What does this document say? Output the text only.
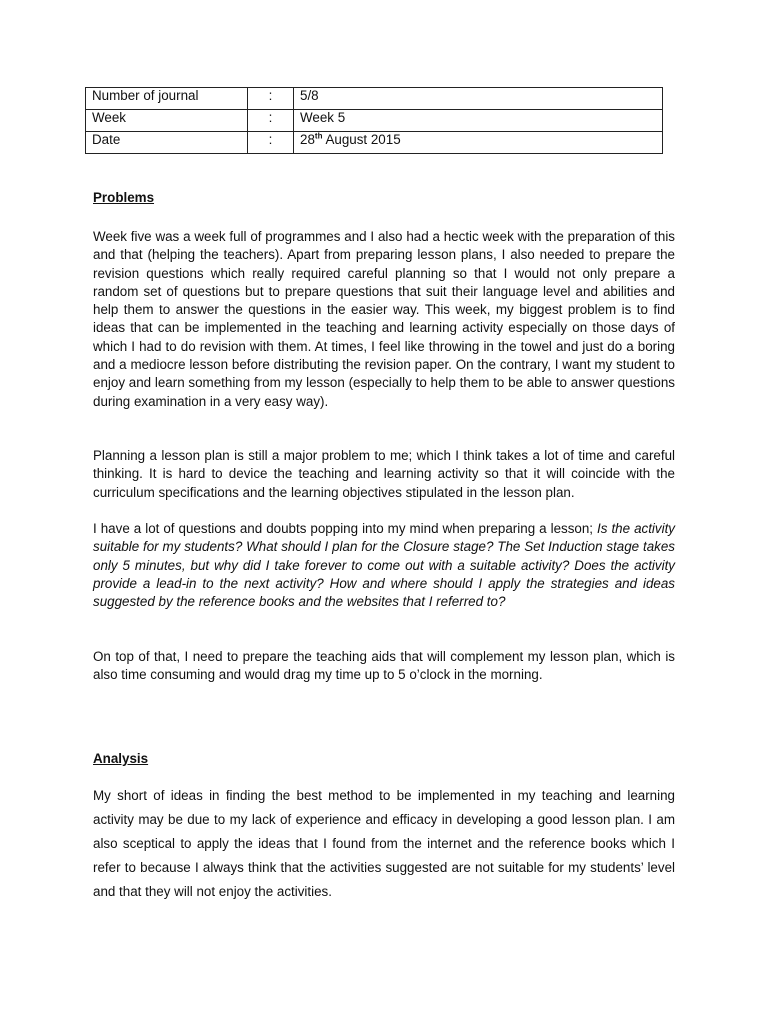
Number of journal	:	5/8
Week	:	Week 5
Date	:	28th August 2015

Problems

Week five was a week full of programmes and I also had a hectic week with the preparation of this and that (helping the teachers). Apart from preparing lesson plans, I also needed to prepare the revision questions which really required careful planning so that I would not only prepare a random set of questions but to prepare questions that suit their language level and abilities and help them to answer the questions in the easier way. This week, my biggest problem is to find ideas that can be implemented in the teaching and learning activity especially on those days of which I had to do revision with them. At times, I feel like throwing in the towel and just do a boring and a mediocre lesson before distributing the revision paper. On the contrary, I want my student to enjoy and learn something from my lesson (especially to help them to be able to answer questions during examination in a very easy way).

Planning a lesson plan is still a major problem to me; which I think takes a lot of time and careful thinking. It is hard to device the teaching and learning activity so that it will coincide with the curriculum specifications and the learning objectives stipulated in the lesson plan.

I have a lot of questions and doubts popping into my mind when preparing a lesson; Is the activity suitable for my students? What should I plan for the Closure stage? The Set Induction stage takes only 5 minutes, but why did I take forever to come out with a suitable activity? Does the activity provide a lead-in to the next activity? How and where should I apply the strategies and ideas suggested by the reference books and the websites that I referred to?

On top of that, I need to prepare the teaching aids that will complement my lesson plan, which is also time consuming and would drag my time up to 5 o’clock in the morning.

Analysis

My short of ideas in finding the best method to be implemented in my teaching and learning activity may be due to my lack of experience and efficacy in developing a good lesson plan. I am also sceptical to apply the ideas that I found from the internet and the reference books which I refer to because I always think that the activities suggested are not suitable for my students’ level and that they will not enjoy the activities.
